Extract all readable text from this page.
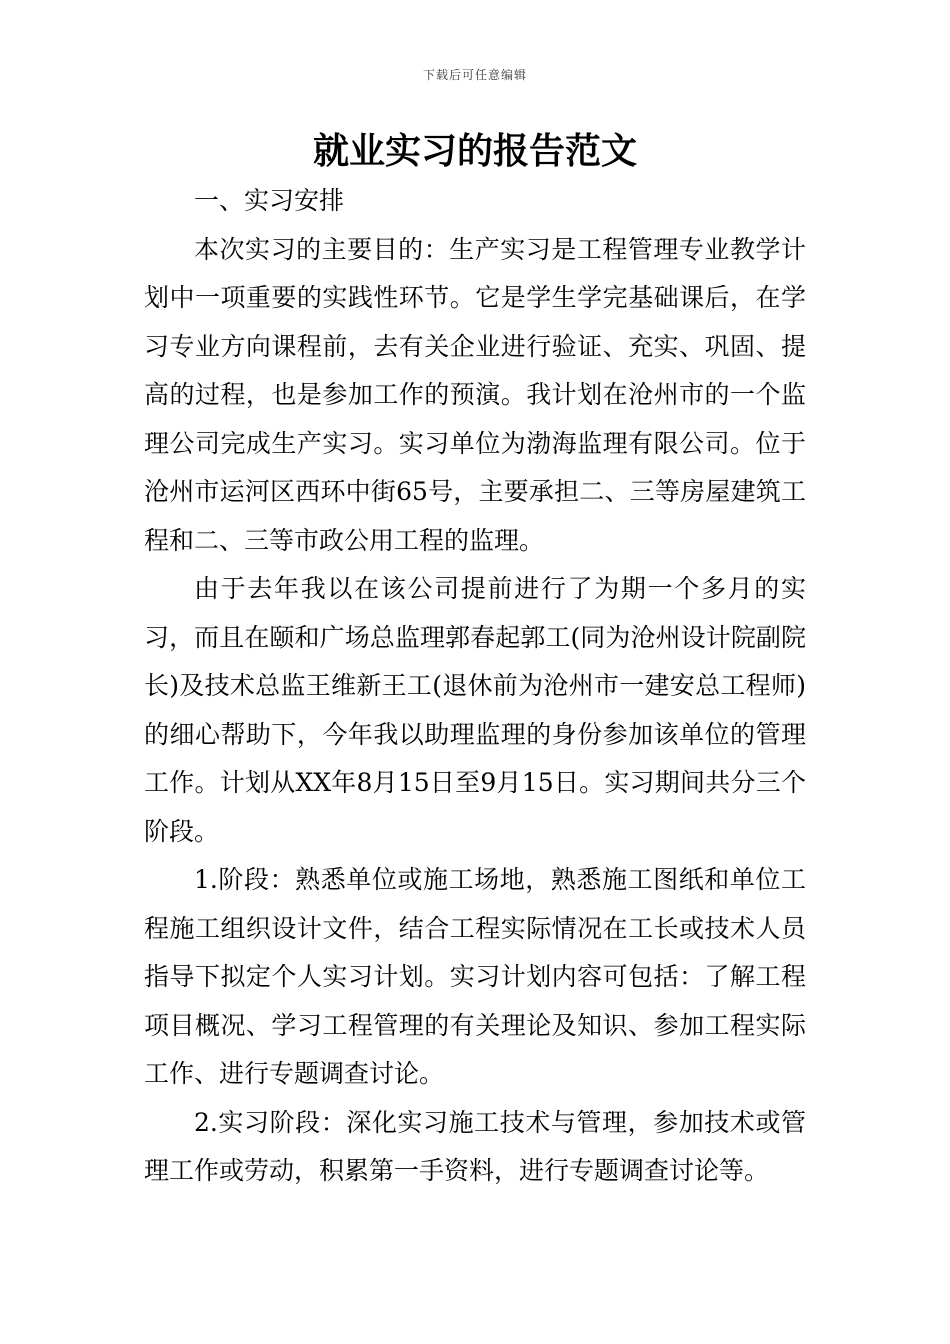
下载后可任意编辑
就业实习的报告范文

一、实习安排

本次实习的主要目的：生产实习是工程管理专业教学计划中一项重要的实践性环节。它是学生学完基础课后，在学习专业方向课程前，去有关企业进行验证、充实、巩固、提高的过程，也是参加工作的预演。我计划在沧州市的一个监理公司完成生产实习。实习单位为渤海监理有限公司。位于沧州市运河区西环中街65号，主要承担二、三等房屋建筑工程和二、三等市政公用工程的监理。

由于去年我以在该公司提前进行了为期一个多月的实习，而且在颐和广场总监理郭春起郭工(同为沧州设计院副院长)及技术总监王维新王工(退休前为沧州市一建安总工程师)的细心帮助下，今年我以助理监理的身份参加该单位的管理工作。计划从XX年8月15日至9月15日。实习期间共分三个阶段。

1.阶段：熟悉单位或施工场地，熟悉施工图纸和单位工程施工组织设计文件，结合工程实际情况在工长或技术人员指导下拟定个人实习计划。实习计划内容可包括：了解工程项目概况、学习工程管理的有关理论及知识、参加工程实际工作、进行专题调查讨论。

2.实习阶段：深化实习施工技术与管理，参加技术或管理工作或劳动，积累第一手资料，进行专题调查讨论等。
